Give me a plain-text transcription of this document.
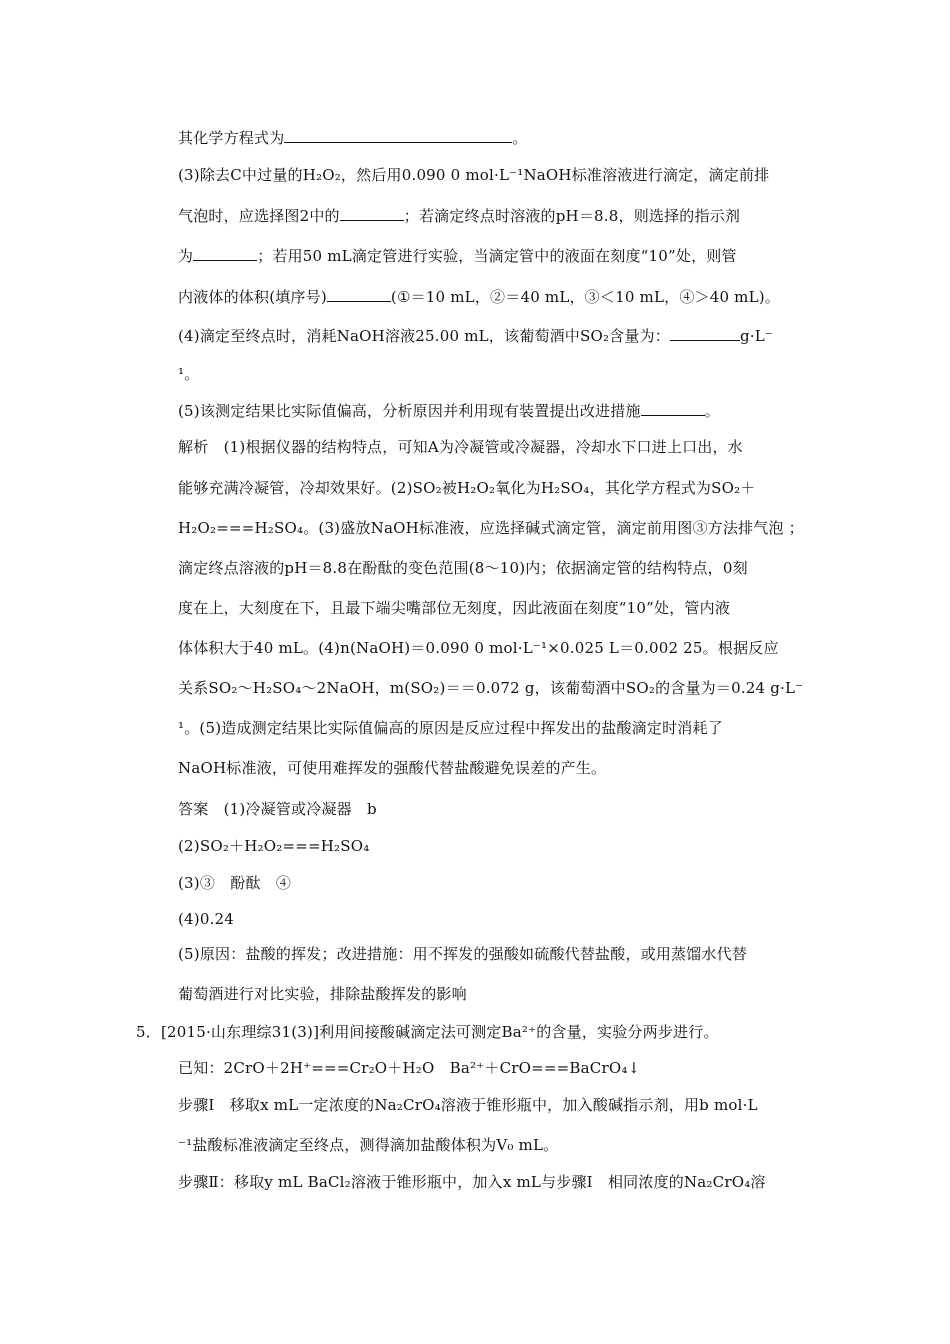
其化学方程式为	。
(3)除去C中过量的H₂O₂，然后用0.090 0 mol·L⁻¹NaOH标准溶液进行滴定，滴定前排
气泡时，应选择图2中的	；若滴定终点时溶液的pH＝8.8，则选择的指示剂
为	；若用50 mL滴定管进行实验，当滴定管中的液面在刻度“10”处，则管
内液体的体积(填序号)	(①＝10 mL，②＝40 mL，③＜10 mL，④＞40 mL)。
(4)滴定至终点时，消耗NaOH溶液25.00 mL，该葡萄酒中SO₂含量为：	g·L⁻
¹。
(5)该测定结果比实际值偏高，分析原因并利用现有装置提出改进措施	。
解析　(1)根据仪器的结构特点，可知A为冷凝管或冷凝器，冷却水下口进上口出，水
能够充满冷凝管，冷却效果好。(2)SO₂被H₂O₂氧化为H₂SO₄，其化学方程式为SO₂＋
H₂O₂===H₂SO₄。(3)盛放NaOH标准液，应选择碱式滴定管，滴定前用图③方法排气泡 ；
滴定终点溶液的pH＝8.8在酚酞的变色范围(8～10)内；依据滴定管的结构特点，0刻
度在上，大刻度在下，且最下端尖嘴部位无刻度，因此液面在刻度“10”处，管内液
体体积大于40 mL。(4)n(NaOH)＝0.090 0 mol·L⁻¹×0.025 L＝0.002 25。根据反应
关系SO₂～H₂SO₄～2NaOH，m(SO₂)＝＝0.072 g，该葡萄酒中SO₂的含量为＝0.24 g·L⁻
¹。(5)造成测定结果比实际值偏高的原因是反应过程中挥发出的盐酸滴定时消耗了
NaOH标准液，可使用难挥发的强酸代替盐酸避免误差的产生。
答案　(1)冷凝管或冷凝器　b
(2)SO₂＋H₂O₂===H₂SO₄
(3)③　酚酞　④
(4)0.24
(5)原因：盐酸的挥发；改进措施：用不挥发的强酸如硫酸代替盐酸，或用蒸馏水代替
葡萄酒进行对比实验，排除盐酸挥发的影响
5．[2015·山东理综31(3)]利用间接酸碱滴定法可测定Ba²⁺的含量，实验分两步进行。
已知：2CrO＋2H⁺===Cr₂O＋H₂O　Ba²⁺＋CrO===BaCrO₄↓
步骤Ⅰ　移取x mL一定浓度的Na₂CrO₄溶液于锥形瓶中，加入酸碱指示剂，用b mol·L
⁻¹盐酸标准液滴定至终点，测得滴加盐酸体积为V₀ mL。
步骤Ⅱ：移取y mL BaCl₂溶液于锥形瓶中，加入x mL与步骤Ⅰ　相同浓度的Na₂CrO₄溶
